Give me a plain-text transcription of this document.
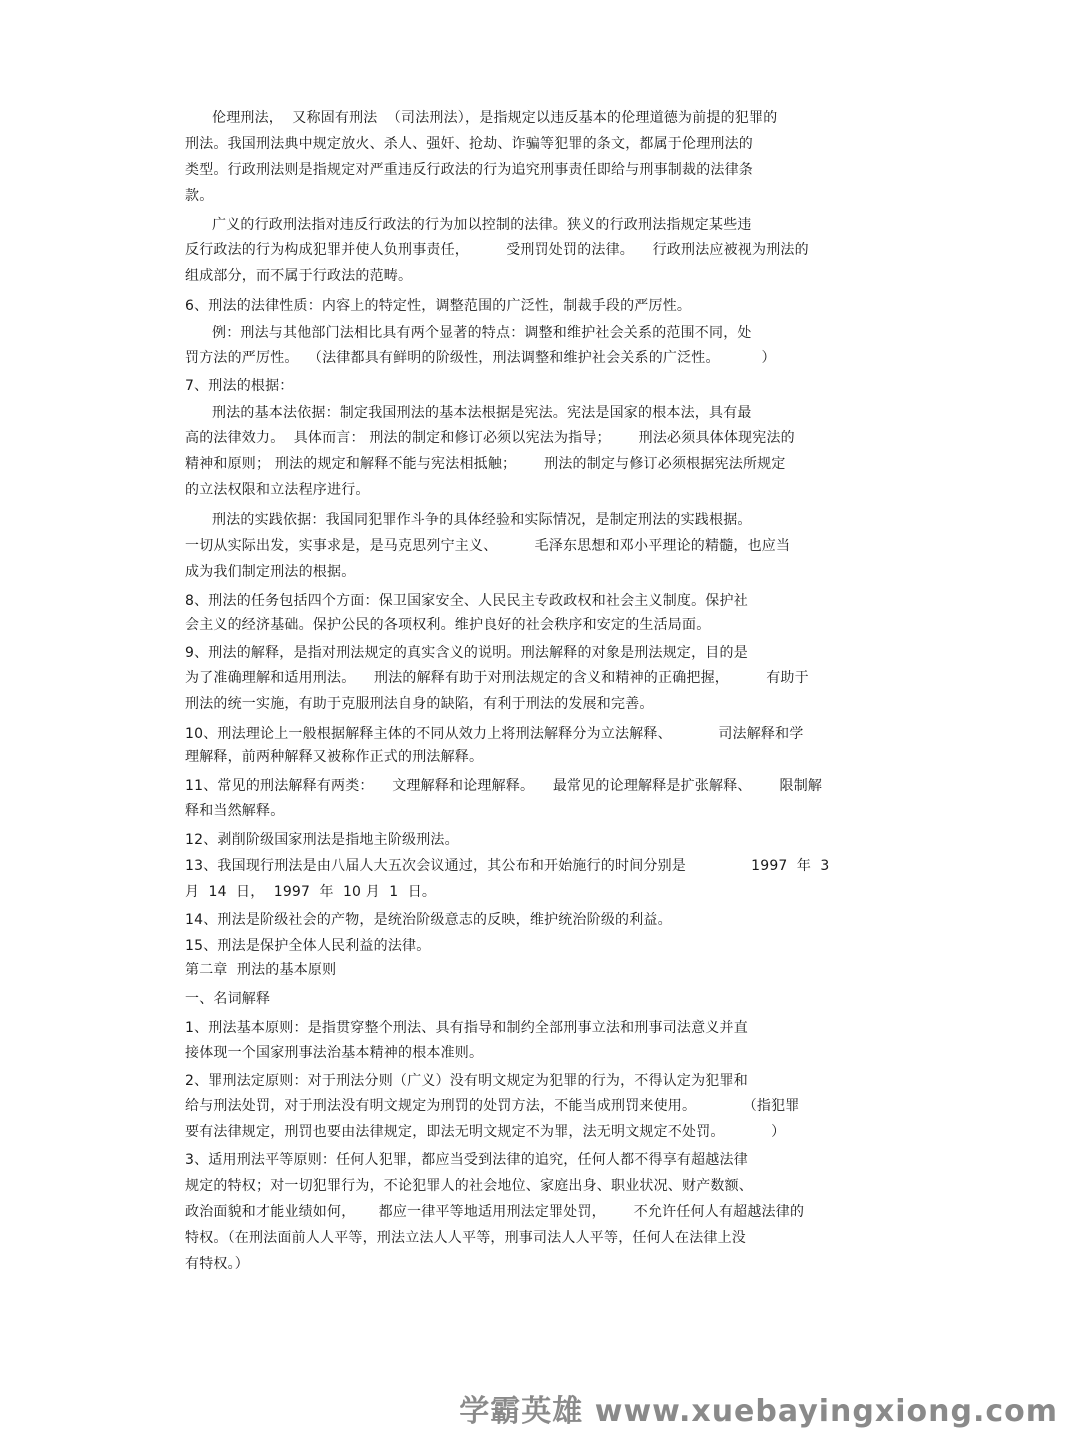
伦理刑法，  又称固有刑法  （司法刑法），是指规定以违反基本的伦理道德为前提的犯罪的
刑法。我国刑法典中规定放火、杀人、强奸、抢劫、诈骗等犯罪的条文，都属于伦理刑法的
类型。行政刑法则是指规定对严重违反行政法的行为追究刑事责任即给与刑事制裁的法律条
款。
广义的行政刑法指对违反行政法的行为加以控制的法律。狭义的行政刑法指规定某些违
反行政法的行为构成犯罪并使人负刑事责任，        受刑罚处罚的法律。    行政刑法应被视为刑法的
组成部分，而不属于行政法的范畴。
6、刑法的法律性质：内容上的特定性，调整范围的广泛性，制裁手段的严厉性。
例：刑法与其他部门法相比具有两个显著的特点：调整和维护社会关系的范围不同，处
罚方法的严厉性。  （法律都具有鲜明的阶级性，刑法调整和维护社会关系的广泛性。         ）
7、刑法的根据：
刑法的基本法依据：制定我国刑法的基本法根据是宪法。宪法是国家的根本法，具有最
高的法律效力。  具体而言： 刑法的制定和修订必须以宪法为指导；      刑法必须具体体现宪法的
精神和原则； 刑法的规定和解释不能与宪法相抵触；      刑法的制定与修订必须根据宪法所规定
的立法权限和立法程序进行。
刑法的实践依据：我国同犯罪作斗争的具体经验和实际情况，是制定刑法的实践根据。
一切从实际出发，实事求是，是马克思列宁主义、        毛泽东思想和邓小平理论的精髓，也应当
成为我们制定刑法的根据。
8、刑法的任务包括四个方面：保卫国家安全、人民民主专政政权和社会主义制度。保护社
会主义的经济基础。保护公民的各项权利。维护良好的社会秩序和安定的生活局面。
9、刑法的解释，是指对刑法规定的真实含义的说明。刑法解释的对象是刑法规定，目的是
为了准确理解和适用刑法。    刑法的解释有助于对刑法规定的含义和精神的正确把握，        有助于
刑法的统一实施，有助于克服刑法自身的缺陷，有利于刑法的发展和完善。
10、刑法理论上一般根据解释主体的不同从效力上将刑法解释分为立法解释、          司法解释和学
理解释，前两种解释又被称作正式的刑法解释。
11、常见的刑法解释有两类：    文理解释和论理解释。    最常见的论理解释是扩张解释、      限制解
释和当然解释。
12、剥削阶级国家刑法是指地主阶级刑法。
13、我国现行刑法是由八届人大五次会议通过，其公布和开始施行的时间分别是              1997  年  3
月  14  日，  1997  年  10 月  1  日。
14、刑法是阶级社会的产物，是统治阶级意志的反映，维护统治阶级的利益。
15、刑法是保护全体人民利益的法律。
第二章  刑法的基本原则
一、名词解释
1、刑法基本原则：是指贯穿整个刑法、具有指导和制约全部刑事立法和刑事司法意义并直
接体现一个国家刑事法治基本精神的根本准则。
2、罪刑法定原则：对于刑法分则（广义）没有明文规定为犯罪的行为，不得认定为犯罪和
给与刑法处罚，对于刑法没有明文规定为刑罚的处罚方法，不能当成刑罚来使用。          （指犯罪
要有法律规定，刑罚也要由法律规定，即法无明文规定不为罪，法无明文规定不处罚。          ）
3、适用刑法平等原则：任何人犯罪，都应当受到法律的追究，任何人都不得享有超越法律
规定的特权；对一切犯罪行为，不论犯罪人的社会地位、家庭出身、职业状况、财产数额、
政治面貌和才能业绩如何，     都应一律平等地适用刑法定罪处罚，      不允许任何人有超越法律的
特权。（在刑法面前人人平等，刑法立法人人平等，刑事司法人人平等，任何人在法律上没
有特权。）
学霸英雄 www.xuebayingxiong.com
